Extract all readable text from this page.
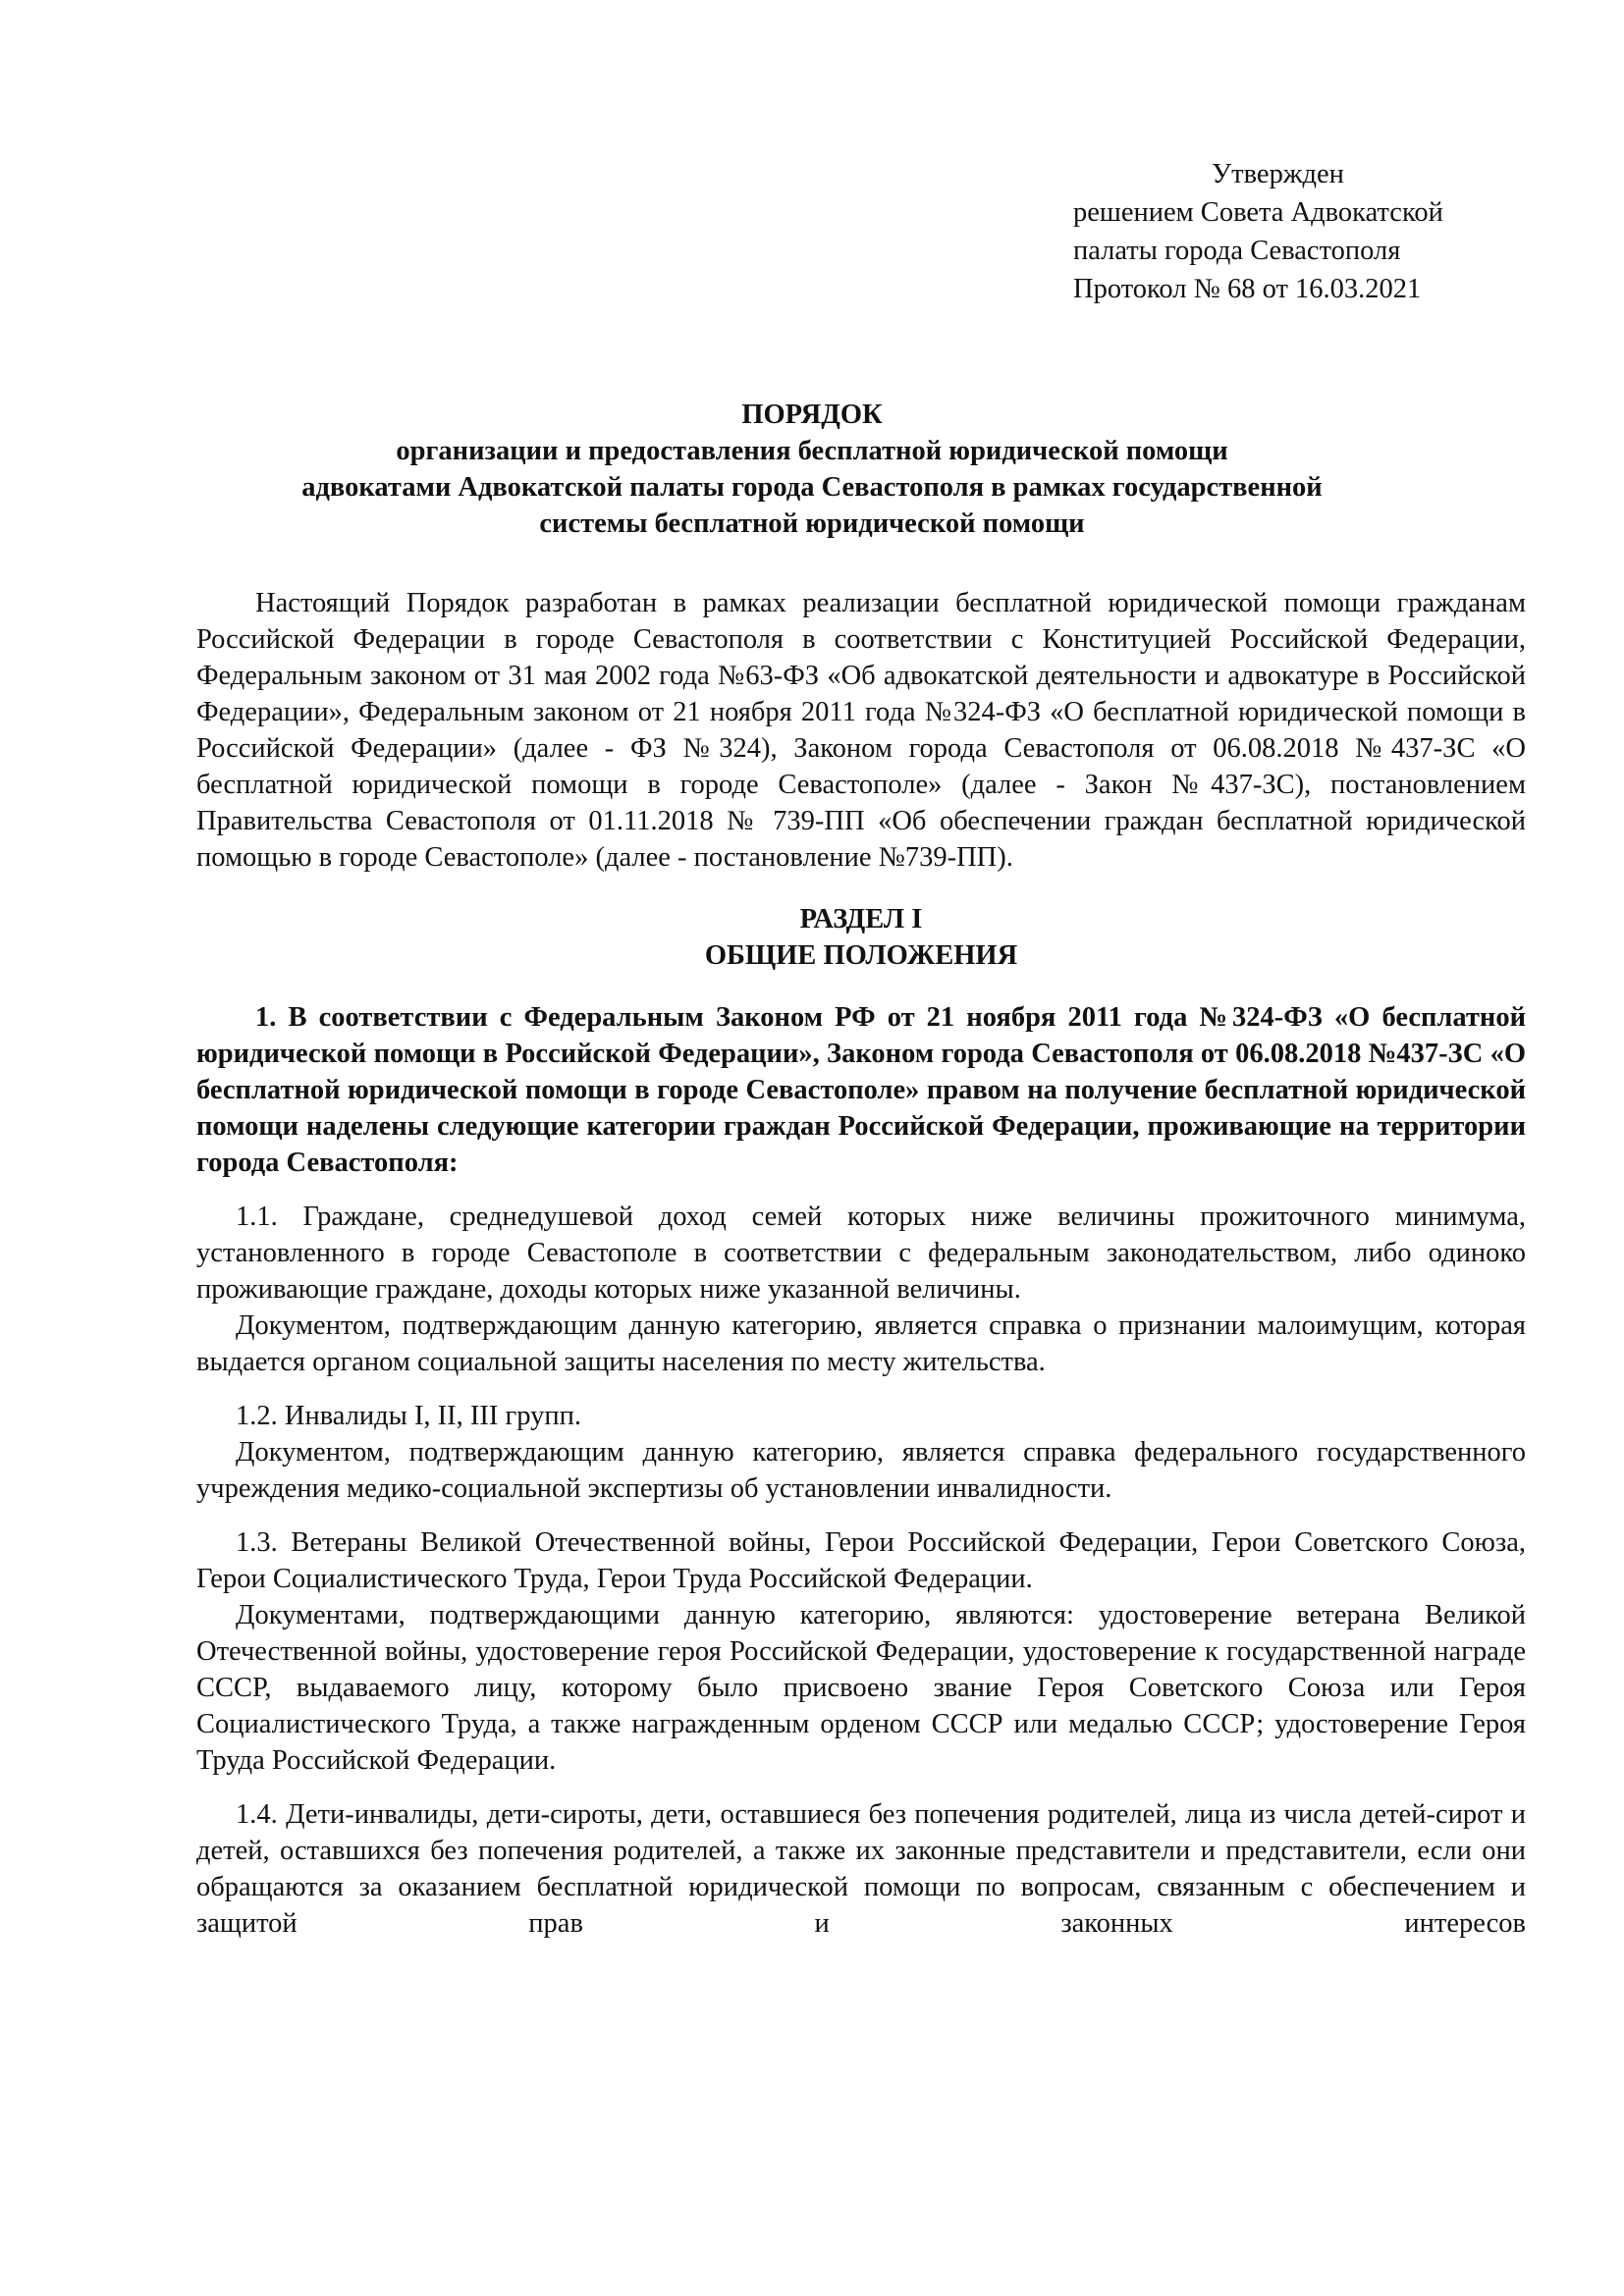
Утвержден
решением Совета Адвокатской
палаты города Севастополя
Протокол № 68 от 16.03.2021
ПОРЯДОК
организации и предоставления бесплатной юридической помощи
адвокатами Адвокатской палаты города Севастополя в рамках государственной
системы бесплатной юридической помощи

Настоящий Порядок разработан в рамках реализации бесплатной юридической помощи гражданам Российской Федерации в городе Севастополя в соответствии с Конституцией Российской Федерации, Федеральным законом от 31 мая 2002 года №63-ФЗ «Об адвокатской деятельности и адвокатуре в Российской Федерации», Федеральным законом от 21 ноября 2011 года №324-ФЗ «О бесплатной юридической помощи в Российской Федерации» (далее - ФЗ №324), Законом города Севастополя от 06.08.2018 №437-ЗС «О бесплатной юридической помощи в городе Севастополе» (далее - Закон №437-ЗС), постановлением Правительства Севастополя от 01.11.2018 № 739-ПП «Об обеспечении граждан бесплатной юридической помощью в городе Севастополе» (далее - постановление №739-ПП).

РАЗДЕЛ I
ОБЩИЕ ПОЛОЖЕНИЯ

1. В соответствии с Федеральным Законом РФ от 21 ноября 2011 года №324-ФЗ «О бесплатной юридической помощи в Российской Федерации», Законом города Севастополя от 06.08.2018 №437-ЗС «О бесплатной юридической помощи в городе Севастополе» правом на получение бесплатной юридической помощи наделены следующие категории граждан Российской Федерации, проживающие на территории города Севастополя:

1.1. Граждане, среднедушевой доход семей которых ниже величины прожиточного минимума, установленного в городе Севастополе в соответствии с федеральным законодательством, либо одиноко проживающие граждане, доходы которых ниже указанной величины.

Документом, подтверждающим данную категорию, является справка о признании малоимущим, которая выдается органом социальной защиты населения по месту жительства.

1.2. Инвалиды I, II, III групп.

Документом, подтверждающим данную категорию, является справка федерального государственного учреждения медико-социальной экспертизы об установлении инвалидности.

1.3. Ветераны Великой Отечественной войны, Герои Российской Федерации, Герои Советского Союза, Герои Социалистического Труда, Герои Труда Российской Федерации.

Документами, подтверждающими данную категорию, являются: удостоверение ветерана Великой Отечественной войны, удостоверение героя Российской Федерации, удостоверение к государственной награде СССР, выдаваемого лицу, которому было присвоено звание Героя Советского Союза или Героя Социалистического Труда, а также награжденным орденом СССР или медалью СССР; удостоверение Героя Труда Российской Федерации.

1.4. Дети-инвалиды, дети-сироты, дети, оставшиеся без попечения родителей, лица из числа детей-сирот и детей, оставшихся без попечения родителей, а также их законные представители и представители, если они обращаются за оказанием бесплатной юридической помощи по вопросам, связанным с обеспечением и защитой прав и законных интересов
